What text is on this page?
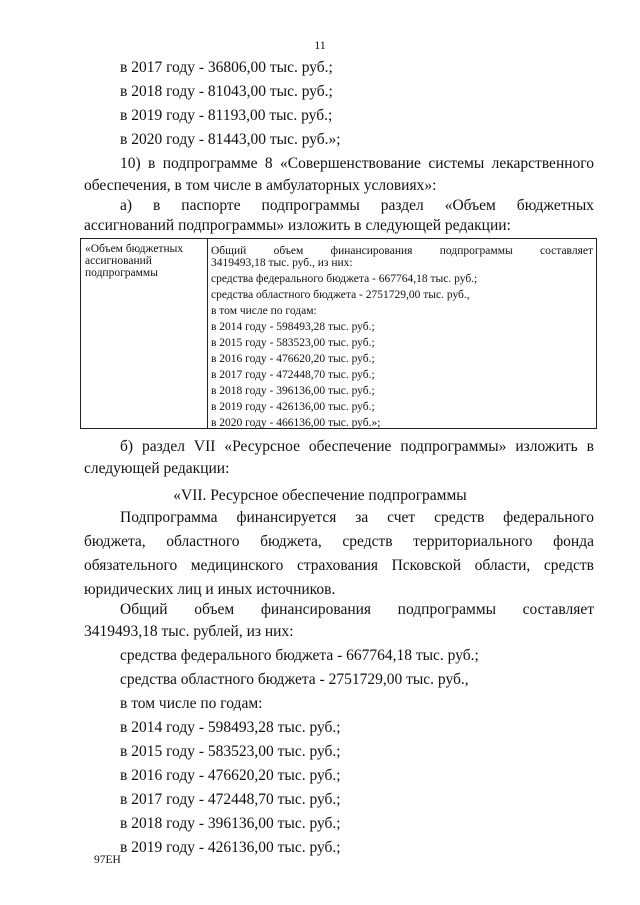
11
в 2017 году - 36806,00 тыс. руб.;
в 2018 году - 81043,00 тыс. руб.;
в 2019 году - 81193,00 тыс. руб.;
в 2020 году - 81443,00 тыс. руб.»;
10) в подпрограмме 8 «Совершенствование системы лекарственного
обеспечения, в том числе в амбулаторных условиях»:
а) в паспорте подпрограммы раздел «Объем бюджетных
ассигнований подпрограммы» изложить в следующей редакции:
«Объем бюджетных ассигнований подпрограммы
Общий объем финансирования подпрограммы составляет
3419493,18 тыс. руб., из них:
средства федерального бюджета - 667764,18 тыс. руб.;
средства областного бюджета - 2751729,00 тыс. руб.,
в том числе по годам:
в 2014 году - 598493,28 тыс. руб.;
в 2015 году - 583523,00 тыс. руб.;
в 2016 году - 476620,20 тыс. руб.;
в 2017 году - 472448,70 тыс. руб.;
в 2018 году - 396136,00 тыс. руб.;
в 2019 году - 426136,00 тыс. руб.;
в 2020 году - 466136,00 тыс. руб.»;
б) раздел VII «Ресурсное обеспечение подпрограммы» изложить в
следующей редакции:
«VII. Ресурсное обеспечение подпрограммы
Подпрограмма финансируется за счет средств федерального
бюджета, областного бюджета, средств территориального фонда
обязательного медицинского страхования Псковской области, средств
юридических лиц и иных источников.
Общий объем финансирования подпрограммы составляет
3419493,18 тыс. рублей, из них:
средства федерального бюджета - 667764,18 тыс. руб.;
средства областного бюджета - 2751729,00 тыс. руб.,
в том числе по годам:
в 2014 году - 598493,28 тыс. руб.;
в 2015 году - 583523,00 тыс. руб.;
в 2016 году - 476620,20 тыс. руб.;
в 2017 году - 472448,70 тыс. руб.;
в 2018 году - 396136,00 тыс. руб.;
в 2019 году - 426136,00 тыс. руб.;
97ЕН
